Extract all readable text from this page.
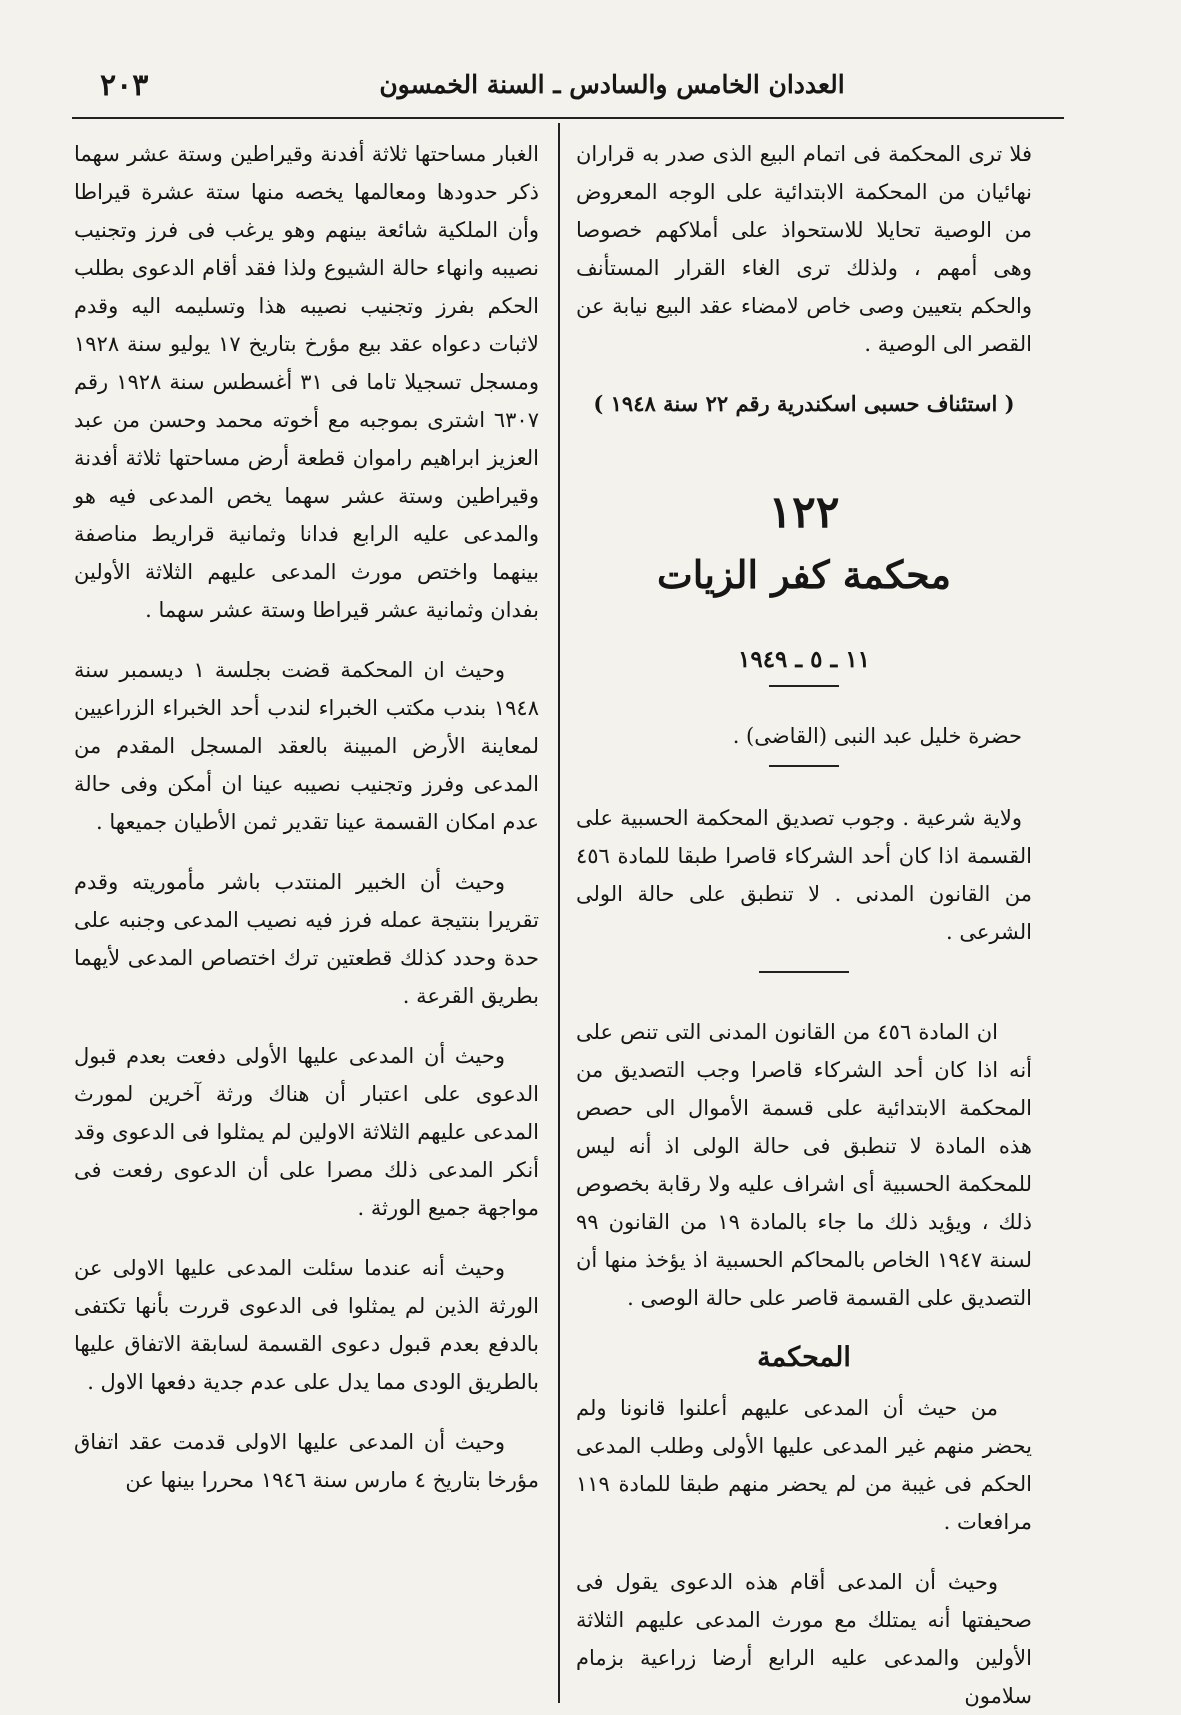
٢٠٣	العددان الخامس والسادس ـ السنة الخمسون

فلا ترى المحكمة فى اتمام البيع الذى صدر به قراران نهائيان من المحكمة الابتدائية على الوجه المعروض من الوصية تحايلا للاستحواذ على أملاكهم خصوصا وهى أمهم ، ولذلك ترى الغاء القرار المستأنف والحكم بتعيين وصى خاص لامضاء عقد البيع نيابة عن القصر الى الوصية .

( استئناف حسبى اسكندرية رقم ٢٢ سنة ١٩٤٨ )

١٢٢
محكمة كفر الزيات
١١ ـ ٥ ـ ١٩٤٩

حضرة خليل عبد النبى (القاضى) .

ولاية شرعية . وجوب تصديق المحكمة الحسبية على القسمة اذا كان أحد الشركاء قاصرا طبقا للمادة ٤٥٦ من القانون المدنى . لا تنطبق على حالة الولى الشرعى .

ان المادة ٤٥٦ من القانون المدنى التى تنص على أنه اذا كان أحد الشركاء قاصرا وجب التصديق من المحكمة الابتدائية على قسمة الأموال الى حصص هذه المادة لا تنطبق فى حالة الولى اذ أنه ليس للمحكمة الحسبية أى اشراف عليه ولا رقابة بخصوص ذلك ، ويؤيد ذلك ما جاء بالمادة ١٩ من القانون ٩٩ لسنة ١٩٤٧ الخاص بالمحاكم الحسبية اذ يؤخذ منها أن التصديق على القسمة قاصر على حالة الوصى .

المحكمة

من حيث أن المدعى عليهم أعلنوا قانونا ولم يحضر منهم غير المدعى عليها الأولى وطلب المدعى الحكم فى غيبة من لم يحضر منهم طبقا للمادة ١١٩ مرافعات .

وحيث أن المدعى أقام هذه الدعوى يقول فى صحيفتها أنه يمتلك مع مورث المدعى عليهم الثلاثة الأولين والمدعى عليه الرابع أرضا زراعية بزمام سلامون

الغبار مساحتها ثلاثة أفدنة وقيراطين وستة عشر سهما ذكر حدودها ومعالمها يخصه منها ستة عشرة قيراطا وأن الملكية شائعة بينهم وهو يرغب فى فرز وتجنيب نصيبه وانهاء حالة الشيوع ولذا فقد أقام الدعوى بطلب الحكم بفرز وتجنيب نصيبه هذا وتسليمه اليه وقدم لاثبات دعواه عقد بيع مؤرخ بتاريخ ١٧ يوليو سنة ١٩٢٨ ومسجل تسجيلا تاما فى ٣١ أغسطس سنة ١٩٢٨ رقم ٦٣٠٧ اشترى بموجبه مع أخوته محمد وحسن من عبد العزيز ابراهيم راموان قطعة أرض مساحتها ثلاثة أفدنة وقيراطين وستة عشر سهما يخص المدعى فيه هو والمدعى عليه الرابع فدانا وثمانية قراريط مناصفة بينهما واختص مورث المدعى عليهم الثلاثة الأولين بفدان وثمانية عشر قيراطا وستة عشر سهما .

وحيث ان المحكمة قضت بجلسة ١ ديسمبر سنة ١٩٤٨ بندب مكتب الخبراء لندب أحد الخبراء الزراعيين لمعاينة الأرض المبينة بالعقد المسجل المقدم من المدعى وفرز وتجنيب نصيبه عينا ان أمكن وفى حالة عدم امكان القسمة عينا تقدير ثمن الأطيان جميعها .

وحيث أن الخبير المنتدب باشر مأموريته وقدم تقريرا بنتيجة عمله فرز فيه نصيب المدعى وجنبه على حدة وحدد كذلك قطعتين ترك اختصاص المدعى لأيهما بطريق القرعة .

وحيث أن المدعى عليها الأولى دفعت بعدم قبول الدعوى على اعتبار أن هناك ورثة آخرين لمورث المدعى عليهم الثلاثة الاولين لم يمثلوا فى الدعوى وقد أنكر المدعى ذلك مصرا على أن الدعوى رفعت فى مواجهة جميع الورثة .

وحيث أنه عندما سئلت المدعى عليها الاولى عن الورثة الذين لم يمثلوا فى الدعوى قررت بأنها تكتفى بالدفع بعدم قبول دعوى القسمة لسابقة الاتفاق عليها بالطريق الودى مما يدل على عدم جدية دفعها الاول .

وحيث أن المدعى عليها الاولى قدمت عقد اتفاق مؤرخا بتاريخ ٤ مارس سنة ١٩٤٦ محررا بينها عن
